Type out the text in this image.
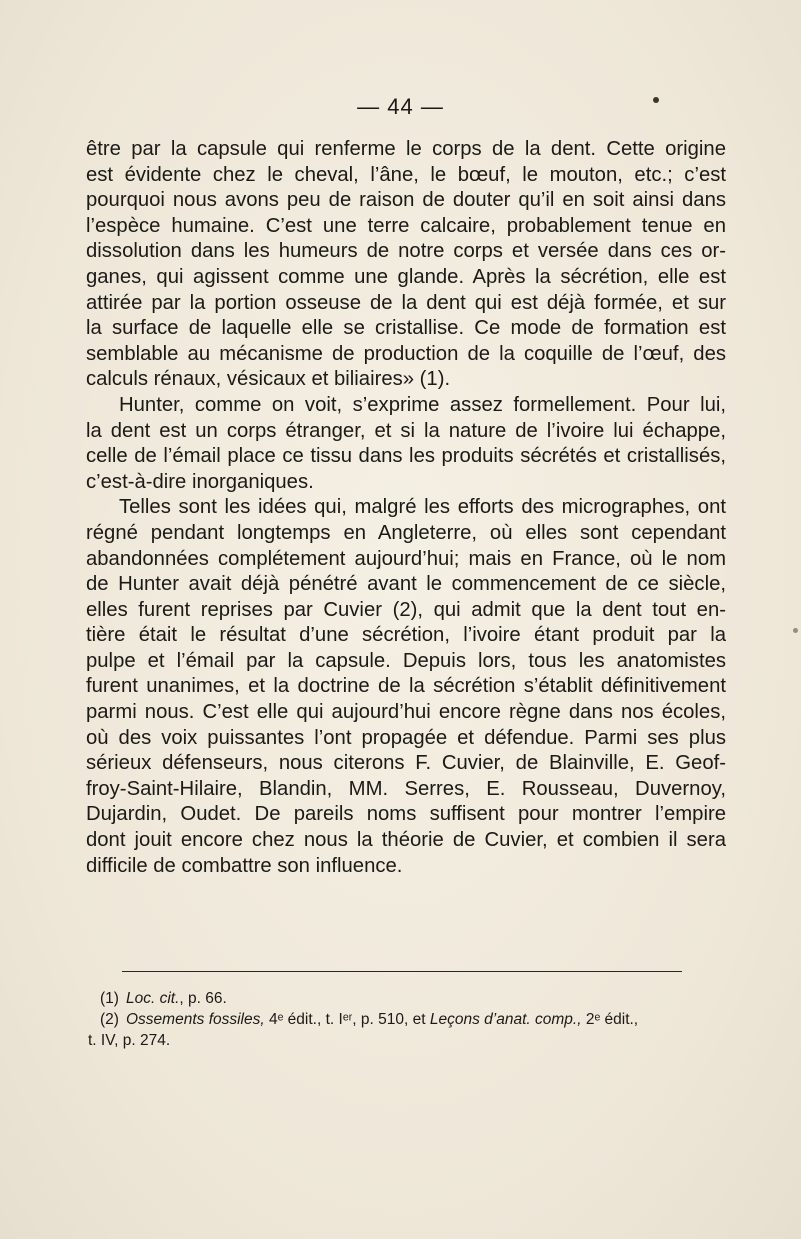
— 44 —
être par la capsule qui renferme le corps de la dent. Cette origine
est évidente chez le cheval, l’âne, le bœuf, le mouton, etc.; c’est
pourquoi nous avons peu de raison de douter qu’il en soit ainsi dans
l’espèce humaine. C’est une terre calcaire, probablement tenue en
dissolution dans les humeurs de notre corps et versée dans ces or-
ganes, qui agissent comme une glande. Après la sécrétion, elle est
attirée par la portion osseuse de la dent qui est déjà formée, et sur
la surface de laquelle elle se cristallise. Ce mode de formation est
semblable au mécanisme de production de la coquille de l’œuf, des
calculs rénaux, vésicaux et biliaires» (1).
Hunter, comme on voit, s’exprime assez formellement. Pour lui,
la dent est un corps étranger, et si la nature de l’ivoire lui échappe,
celle de l’émail place ce tissu dans les produits sécrétés et cristallisés,
c’est-à-dire inorganiques.
Telles sont les idées qui, malgré les efforts des micrographes, ont
régné pendant longtemps en Angleterre, où elles sont cependant
abandonnées complétement aujourd’hui; mais en France, où le nom
de Hunter avait déjà pénétré avant le commencement de ce siècle,
elles furent reprises par Cuvier (2), qui admit que la dent tout en-
tière était le résultat d’une sécrétion, l’ivoire étant produit par la
pulpe et l’émail par la capsule. Depuis lors, tous les anatomistes
furent unanimes, et la doctrine de la sécrétion s’établit définitivement
parmi nous. C’est elle qui aujourd’hui encore règne dans nos écoles,
où des voix puissantes l’ont propagée et défendue. Parmi ses plus
sérieux défenseurs, nous citerons F. Cuvier, de Blainville, E. Geof-
froy-Saint-Hilaire, Blandin, MM. Serres, E. Rousseau, Duvernoy,
Dujardin, Oudet. De pareils noms suffisent pour montrer l’empire
dont jouit encore chez nous la théorie de Cuvier, et combien il sera
difficile de combattre son influence.
(1) Loc. cit., p. 66.
(2) Ossements fossiles, 4ᵉ édit., t. Iᵉʳ, p. 510, et Leçons d’anat. comp., 2ᵉ édit.,
t. IV, p. 274.
